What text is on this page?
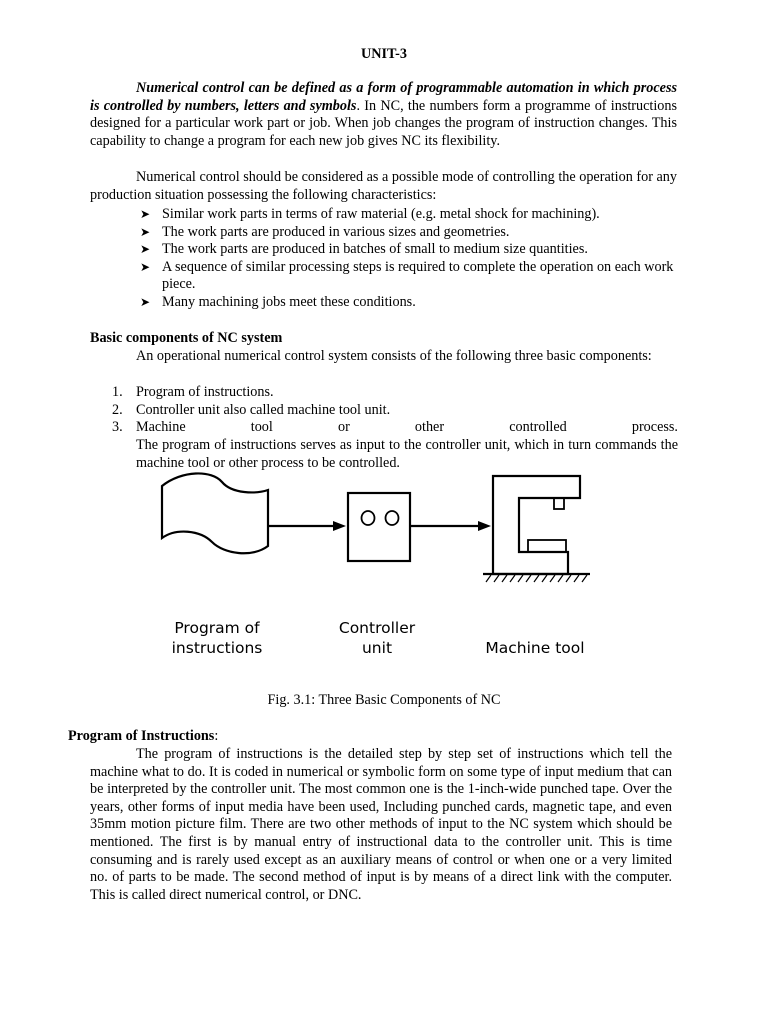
UNIT-3
Numerical control can be defined as a form of programmable automation in which process is controlled by numbers, letters and symbols. In NC, the numbers form a programme of instructions designed for a particular work part or job. When job changes the program of instruction changes. This capability to change a program for each new job gives NC its flexibility.
Numerical control should be considered as a possible mode of controlling the operation for any production situation possessing the following characteristics:
➤ Similar work parts in terms of raw material (e.g. metal shock for machining).
➤ The work parts are produced in various sizes and geometries.
➤ The work parts are produced in batches of small to medium size quantities.
➤ A sequence of similar processing steps is required to complete the operation on each work piece.
➤ Many machining jobs meet these conditions.
Basic components of NC system
An operational numerical control system consists of the following three basic components:
1. Program of instructions.
2. Controller unit also called machine tool unit.
3. Machine	tool	or	other	controlled	process.
The program of instructions serves as input to the controller unit, which in turn commands the machine tool or other process to be controlled.
Program of
instructions
Controller
unit	Machine tool
Fig. 3.1: Three Basic Components of NC
Program of Instructions:
The program of instructions is the detailed step by step set of instructions which tell the machine what to do. It is coded in numerical or symbolic form on some type of input medium that can be interpreted by the controller unit. The most common one is the 1-inch-wide punched tape. Over the years, other forms of input media have been used, Including punched cards, magnetic tape, and even 35mm motion picture film. There are two other methods of input to the NC system which should be mentioned. The first is by manual entry of instructional data to the controller unit. This is time consuming and is rarely used except as an auxiliary means of control or when one or a very limited no. of parts to be made. The second method of input is by means of a direct link with the computer. This is called direct numerical control, or DNC.
